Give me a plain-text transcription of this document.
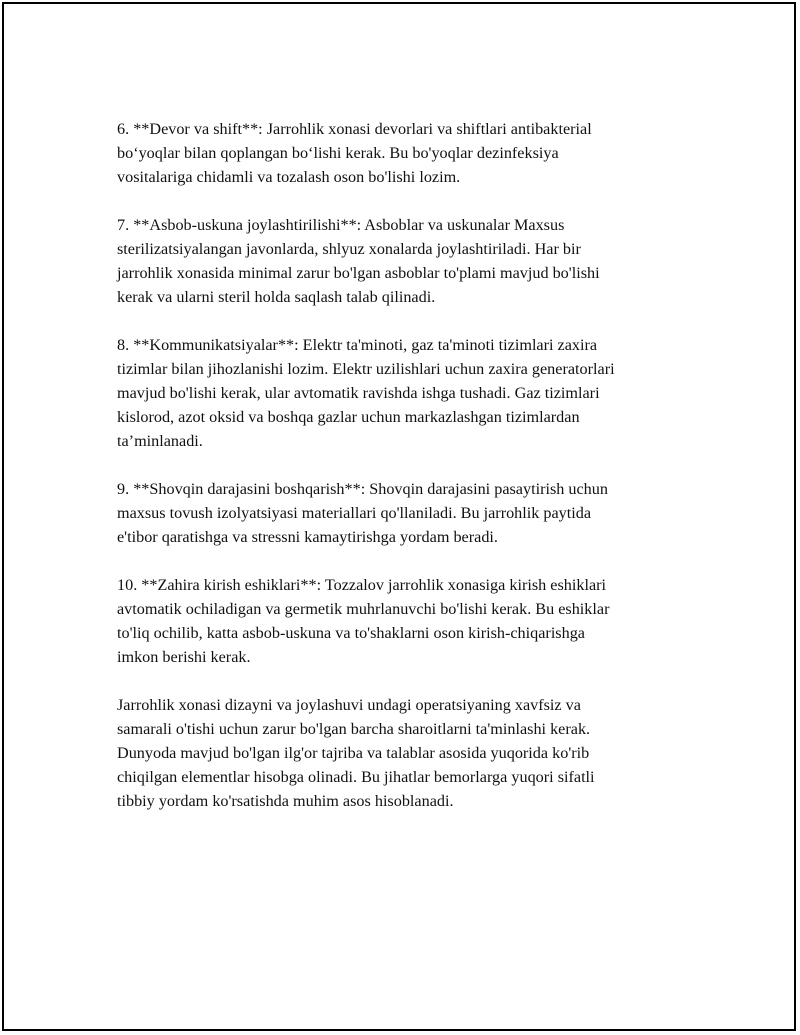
6. **Devor va shift**: Jarrohlik xonasi devorlari va shiftlari antibakterial
bo‘yoqlar bilan qoplangan bo‘lishi kerak. Bu bo'yoqlar dezinfeksiya
vositalariga chidamli va tozalash oson bo'lishi lozim.

7. **Asbob-uskuna joylashtirilishi**: Asboblar va uskunalar Maxsus
sterilizatsiyalangan javonlarda, shlyuz xonalarda joylashtiriladi. Har bir
jarrohlik xonasida minimal zarur bo'lgan asboblar to'plami mavjud bo'lishi
kerak va ularni steril holda saqlash talab qilinadi.

8. **Kommunikatsiyalar**: Elektr ta'minoti, gaz ta'minoti tizimlari zaxira
tizimlar bilan jihozlanishi lozim. Elektr uzilishlari uchun zaxira generatorlari
mavjud bo'lishi kerak, ular avtomatik ravishda ishga tushadi. Gaz tizimlari
kislorod, azot oksid va boshqa gazlar uchun markazlashgan tizimlardan
ta’minlanadi.

9. **Shovqin darajasini boshqarish**: Shovqin darajasini pasaytirish uchun
maxsus tovush izolyatsiyasi materiallari qo'llaniladi. Bu jarrohlik paytida
e'tibor qaratishga va stressni kamaytirishga yordam beradi.

10. **Zahira kirish eshiklari**: Tozzalov jarrohlik xonasiga kirish eshiklari
avtomatik ochiladigan va germetik muhrlanuvchi bo'lishi kerak. Bu eshiklar
to'liq ochilib, katta asbob-uskuna va to'shaklarni oson kirish-chiqarishga
imkon berishi kerak.

Jarrohlik xonasi dizayni va joylashuvi undagi operatsiyaning xavfsiz va
samarali o'tishi uchun zarur bo'lgan barcha sharoitlarni ta'minlashi kerak.
Dunyoda mavjud bo'lgan ilg'or tajriba va talablar asosida yuqorida ko'rib
chiqilgan elementlar hisobga olinadi. Bu jihatlar bemorlarga yuqori sifatli
tibbiy yordam ko'rsatishda muhim asos hisoblanadi.
